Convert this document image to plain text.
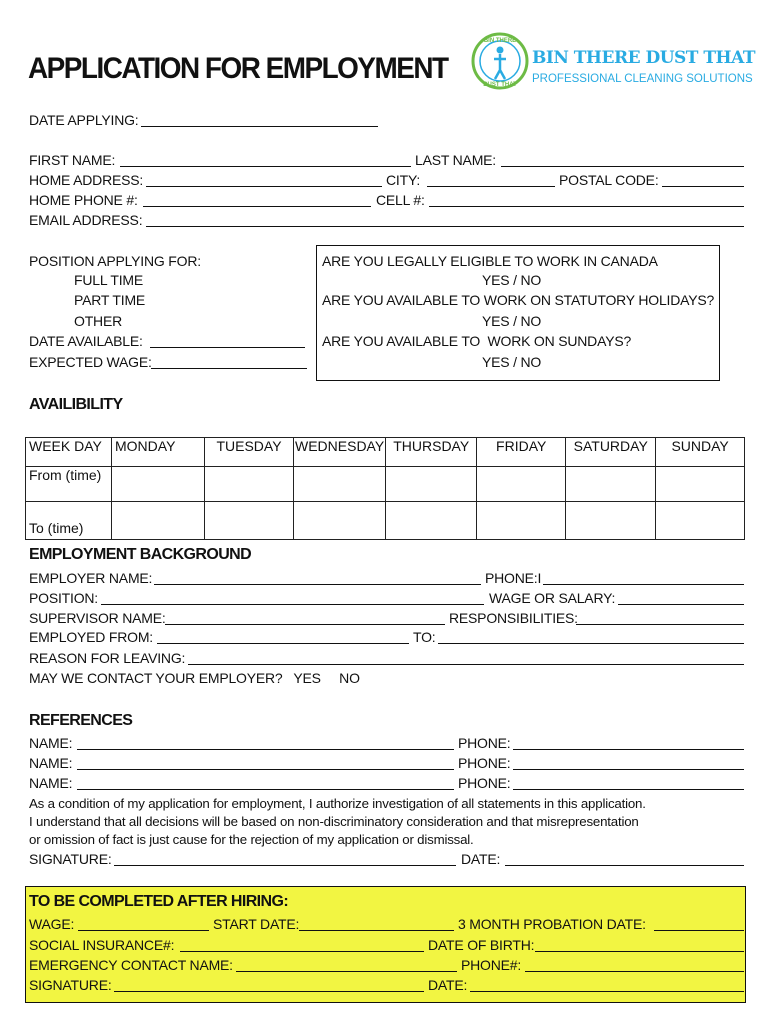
APPLICATION FOR EMPLOYMENT
BIN THERE
DUST THAT
BIN THERE DUST THAT
PROFESSIONAL CLEANING SOLUTIONS
DATE APPLYING:
FIRST NAME:	LAST NAME:
HOME ADDRESS:	CITY:	POSTAL CODE:
HOME PHONE #:	CELL #:
EMAIL ADDRESS:
POSITION APPLYING FOR:
FULL TIME
PART TIME
OTHER
DATE AVAILABLE:
EXPECTED WAGE:
ARE YOU LEGALLY ELIGIBLE TO WORK IN CANADA
YES / NO
ARE YOU AVAILABLE TO WORK ON STATUTORY HOLIDAYS?
YES / NO
ARE YOU AVAILABLE TO  WORK ON SUNDAYS?
YES / NO
AVAILIBILITY
WEEK DAY	MONDAY	TUESDAY	WEDNESDAY	THURSDAY	FRIDAY	SATURDAY	SUNDAY
From (time)							
To (time)							
EMPLOYMENT BACKGROUND
EMPLOYER NAME:	PHONE:I
POSITION:	WAGE OR SALARY:
SUPERVISOR NAME:	RESPONSIBILITIES:
EMPLOYED FROM:	TO:
REASON FOR LEAVING:
MAY WE CONTACT YOUR EMPLOYER?   YES     NO
REFERENCES
NAME:	PHONE:
NAME:	PHONE:
NAME:	PHONE:
As a condition of my application for employment, I authorize investigation of all statements in this application.
I understand that all decisions will be based on non-discriminatory consideration and that misrepresentation
or omission of fact is just cause for the rejection of my application or dismissal.
SIGNATURE:	DATE:
TO BE COMPLETED AFTER HIRING:
WAGE:	START DATE:	3 MONTH PROBATION DATE:
SOCIAL INSURANCE#:	DATE OF BIRTH:
EMERGENCY CONTACT NAME:	PHONE#:
SIGNATURE:	DATE:
